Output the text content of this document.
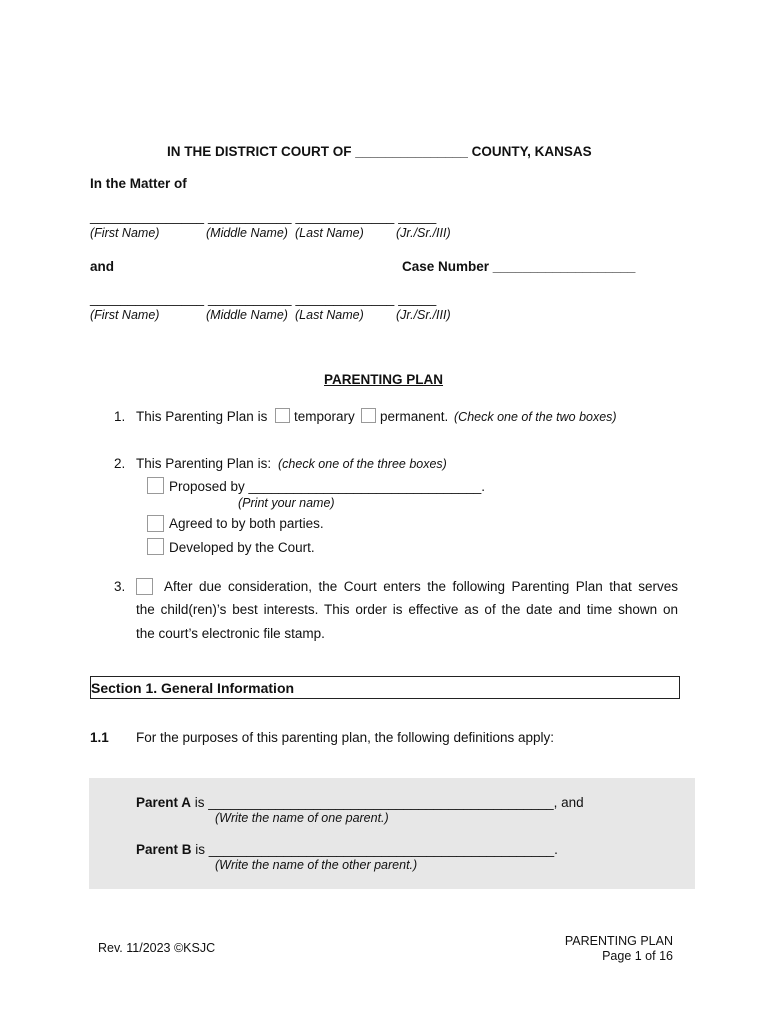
IN THE DISTRICT COURT OF _______________ COUNTY, KANSAS
In the Matter of
_______________ ___________ _____________ _____
(First Name)	(Middle Name) (Last Name)	(Jr./Sr./III)
and	Case Number ___________________
_______________ ___________ _____________ _____
(First Name)	(Middle Name) (Last Name)	(Jr./Sr./III)
PARENTING PLAN
1. This Parenting Plan is temporary permanent. (Check one of the two boxes)
2. This Parenting Plan is: (check one of the three boxes)
Proposed by _______________________________.
(Print your name)
Agreed to by both parties.
Developed by the Court.
3.	After due consideration, the Court enters the following Parenting Plan that serves
the child(ren)’s best interests. This order is effective as of the date and time shown on
the court’s electronic file stamp.
Section 1. General Information
1.1 For the purposes of this parenting plan, the following definitions apply:
Parent A is ______________________________________________, and
(Write the name of one parent.)
Parent B is ______________________________________________.
(Write the name of the other parent.)
Rev. 11/2023 ©KSJC	PARENTING PLAN
Page 1 of 16
